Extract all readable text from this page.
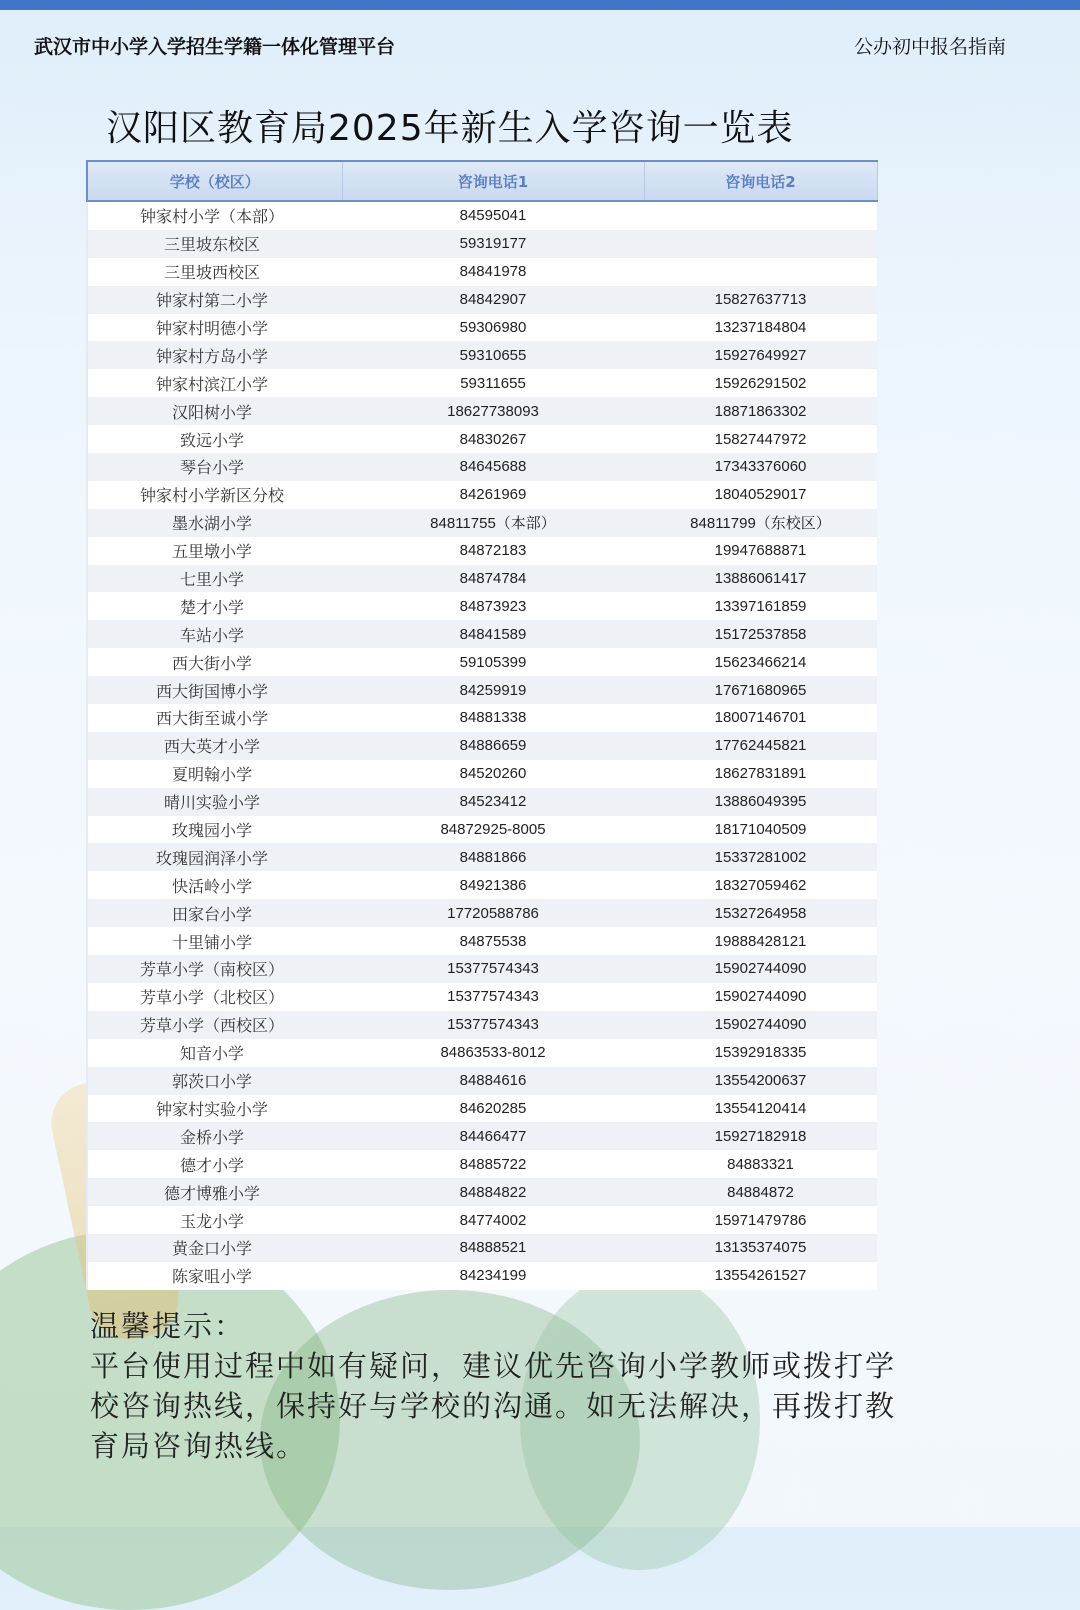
武汉市中小学入学招生学籍一体化管理平台	公办初中报名指南
汉阳区教育局2025年新生入学咨询一览表
学校（校区）	咨询电话1	咨询电话2
钟家村小学（本部）	84595041	
三里坡东校区	59319177	
三里坡西校区	84841978	
钟家村第二小学	84842907	15827637713
钟家村明德小学	59306980	13237184804
钟家村方岛小学	59310655	15927649927
钟家村滨江小学	59311655	15926291502
汉阳树小学	18627738093	18871863302
致远小学	84830267	15827447972
琴台小学	84645688	17343376060
钟家村小学新区分校	84261969	18040529017
墨水湖小学	84811755（本部）	84811799（东校区）
五里墩小学	84872183	19947688871
七里小学	84874784	13886061417
楚才小学	84873923	13397161859
车站小学	84841589	15172537858
西大街小学	59105399	15623466214
西大街国博小学	84259919	17671680965
西大街至诚小学	84881338	18007146701
西大英才小学	84886659	17762445821
夏明翰小学	84520260	18627831891
晴川实验小学	84523412	13886049395
玫瑰园小学	84872925-8005	18171040509
玫瑰园润泽小学	84881866	15337281002
快活岭小学	84921386	18327059462
田家台小学	17720588786	15327264958
十里铺小学	84875538	19888428121
芳草小学（南校区）	15377574343	15902744090
芳草小学（北校区）	15377574343	15902744090
芳草小学（西校区）	15377574343	15902744090
知音小学	84863533-8012	15392918335
郭茨口小学	84884616	13554200637
钟家村实验小学	84620285	13554120414
金桥小学	84466477	15927182918
德才小学	84885722	84883321
德才博雅小学	84884822	84884872
玉龙小学	84774002	15971479786
黄金口小学	84888521	13135374075
陈家咀小学	84234199	13554261527
温馨提示：
平台使用过程中如有疑问，建议优先咨询小学教师或拨打学校咨询热线，保持好与学校的沟通。如无法解决，再拨打教育局咨询热线。
